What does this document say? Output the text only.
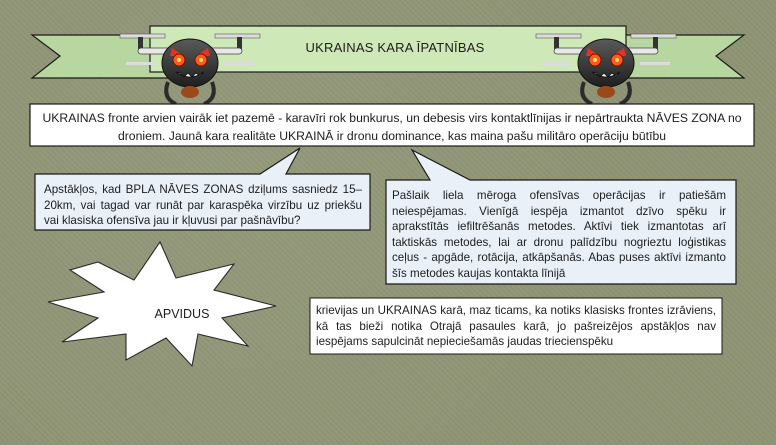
UKRAINAS KARA ĪPATNĪBAS
UKRAINAS fronte arvien vairāk iet pazemē - karavīri rok bunkurus, un debesis virs kontaktlīnijas ir nepārtraukta NĀVES ZONA no droniem. Jaunā kara realitāte UKRAINĀ ir dronu dominance, kas maina pašu militāro operāciju būtību
Apstākļos, kad BPLA NĀVES ZONAS dziļums sasniedz 15–20km, vai tagad var runāt par karaspēka virzību uz priekšu vai klasiska ofensīva jau ir kļuvusi par pašnāvību?
Pašlaik liela mēroga ofensīvas operācijas ir patiešām neiespējamas. Vienīgā iespēja izmantot dzīvo spēku ir aprakstītās iefiltrēšanās metodes. Aktīvi tiek izmantotas arī taktiskās metodes, lai ar dronu palīdzību nogrieztu loģistikas ceļus - apgāde, rotācija, atkāpšanās. Abas puses aktīvi izmanto šīs metodes kaujas kontakta līnijā
APVIDUS	krievijas un UKRAINAS karā, maz ticams, ka notiks klasisks frontes izrāviens, kā tas bieži notika Otrajā pasaules karā, jo pašreizējos apstākļos nav iespējams sapulcināt nepieciešamās jaudas triecienspēku
